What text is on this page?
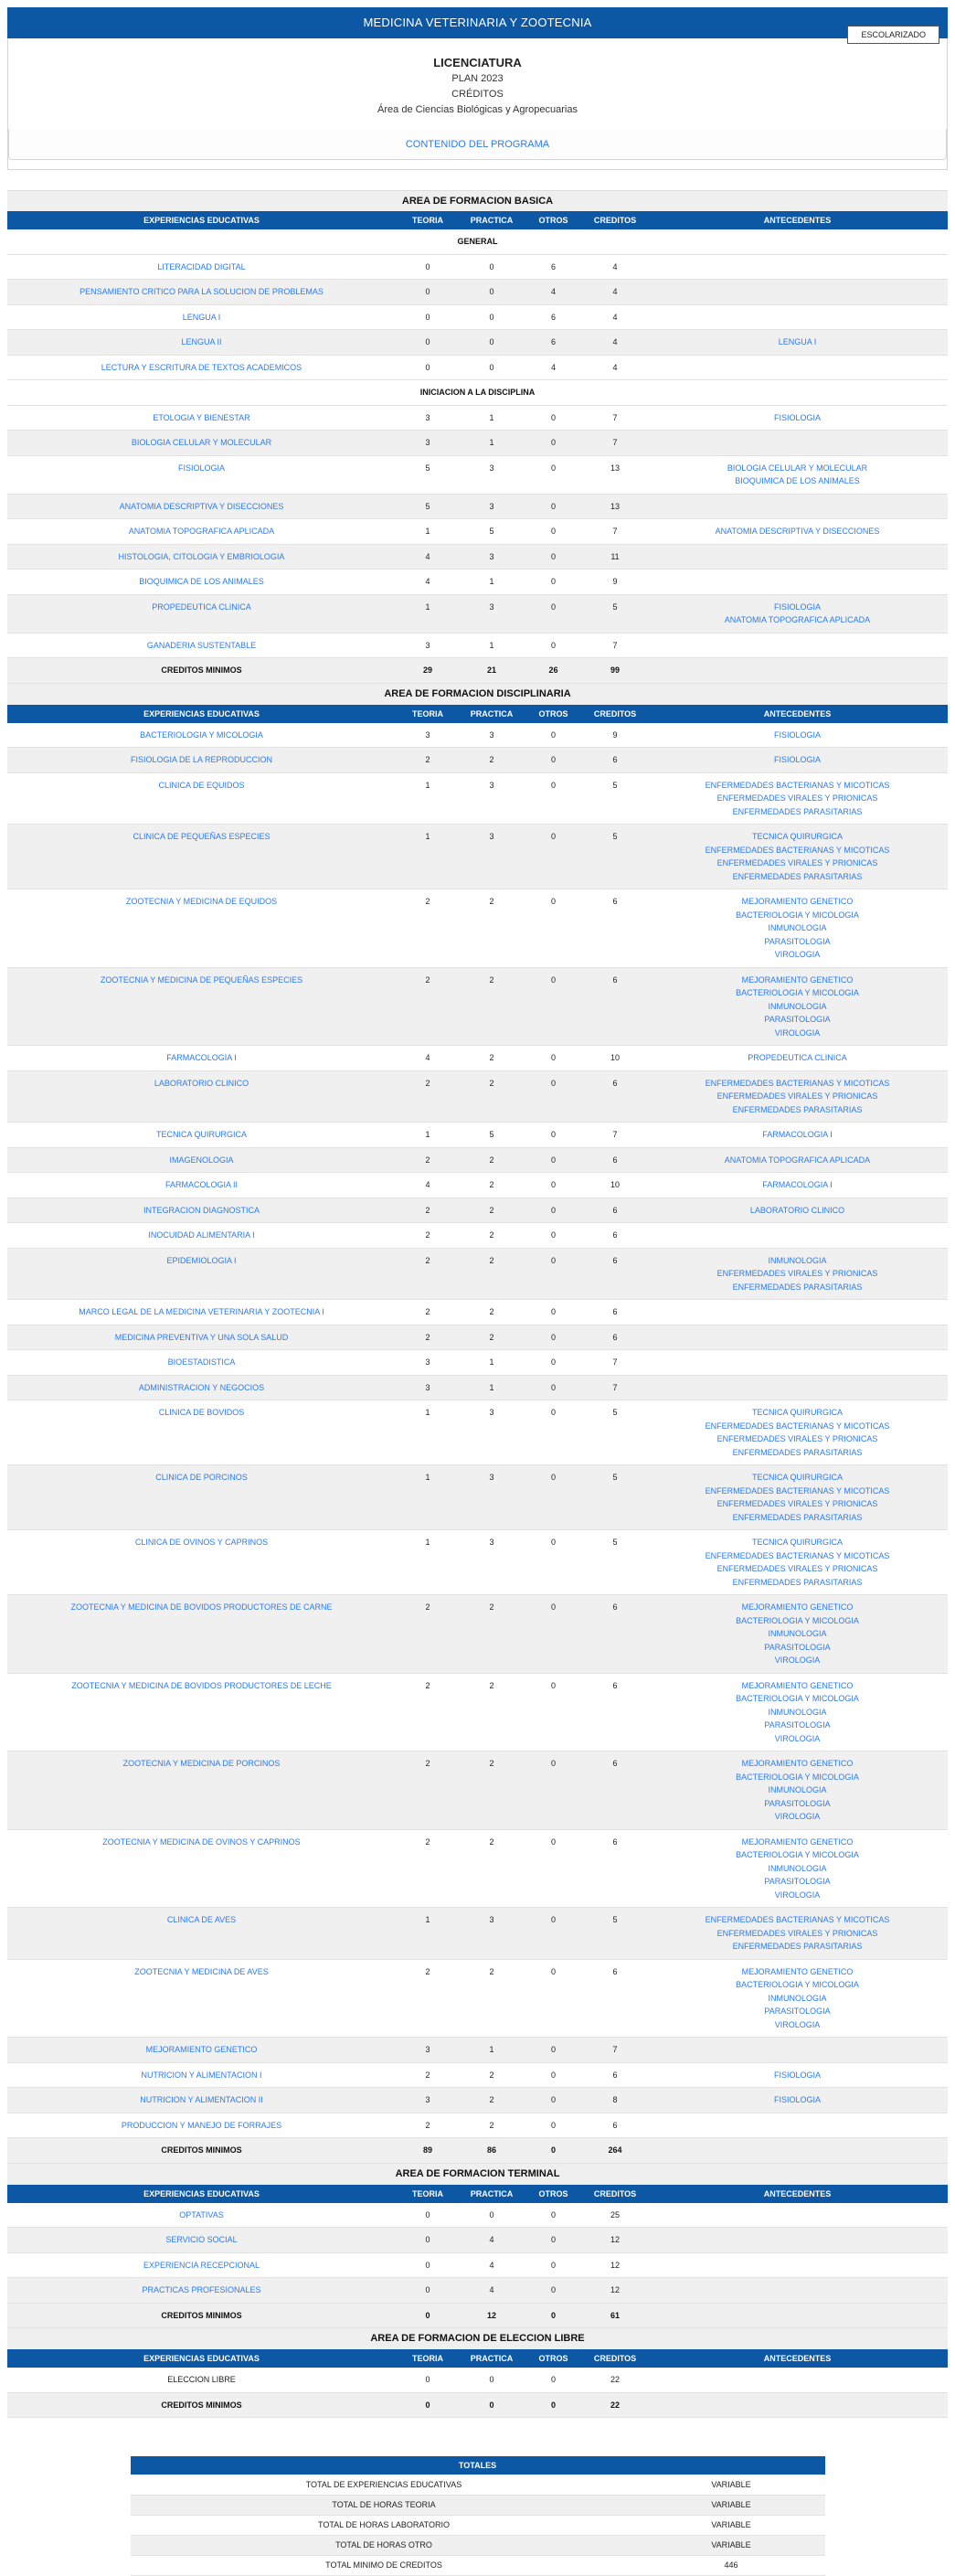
MEDICINA VETERINARIA Y ZOOTECNIA
ESCOLARIZADO
LICENCIATURA
PLAN 2023
CRÉDITOS
Área de Ciencias Biológicas y Agropecuarias
CONTENIDO DEL PROGRAMA
AREA DE FORMACION BASICA
EXPERIENCIAS EDUCATIVAS	TEORIA	PRACTICA	OTROS	CREDITOS	ANTECEDENTES
GENERAL					
LITERACIDAD DIGITAL	0	0	6	4	
PENSAMIENTO CRITICO PARA LA SOLUCION DE PROBLEMAS	0	0	4	4	
LENGUA I	0	0	6	4	
LENGUA II	0	0	6	4	LENGUA I

LECTURA Y ESCRITURA DE TEXTOS ACADEMICOS	0	0	4	4	
INICIACION A LA DISCIPLINA					
ETOLOGIA Y BIENESTAR	3	1	0	7	FISIOLOGIA

BIOLOGIA CELULAR Y MOLECULAR	3	1	0	7	
FISIOLOGIA	5	3	0	13	BIOLOGIA CELULAR Y MOLECULAR
BIOQUIMICA DE LOS ANIMALES

ANATOMIA DESCRIPTIVA Y DISECCIONES	5	3	0	13	
ANATOMIA TOPOGRAFICA APLICADA	1	5	0	7	ANATOMIA DESCRIPTIVA Y DISECCIONES

HISTOLOGIA, CITOLOGIA Y EMBRIOLOGIA	4	3	0	11	
BIOQUIMICA DE LOS ANIMALES	4	1	0	9	
PROPEDEUTICA CLINICA	1	3	0	5	FISIOLOGIA
ANATOMIA TOPOGRAFICA APLICADA

GANADERIA SUSTENTABLE	3	1	0	7	
CREDITOS MINIMOS	29	21	26	99	
AREA DE FORMACION DISCIPLINARIA
EXPERIENCIAS EDUCATIVAS	TEORIA	PRACTICA	OTROS	CREDITOS	ANTECEDENTES
BACTERIOLOGIA Y MICOLOGIA	3	3	0	9	FISIOLOGIA

FISIOLOGIA DE LA REPRODUCCION	2	2	0	6	FISIOLOGIA

CLINICA DE EQUIDOS	1	3	0	5	ENFERMEDADES BACTERIANAS Y MICOTICAS
ENFERMEDADES VIRALES Y PRIONICAS
ENFERMEDADES PARASITARIAS

CLINICA DE PEQUEÑAS ESPECIES	1	3	0	5	TECNICA QUIRURGICA
ENFERMEDADES BACTERIANAS Y MICOTICAS
ENFERMEDADES VIRALES Y PRIONICAS
ENFERMEDADES PARASITARIAS

ZOOTECNIA Y MEDICINA DE EQUIDOS	2	2	0	6	MEJORAMIENTO GENETICO
BACTERIOLOGIA Y MICOLOGIA
INMUNOLOGIA
PARASITOLOGIA
VIROLOGIA

ZOOTECNIA Y MEDICINA DE PEQUEÑAS ESPECIES	2	2	0	6	MEJORAMIENTO GENETICO
BACTERIOLOGIA Y MICOLOGIA
INMUNOLOGIA
PARASITOLOGIA
VIROLOGIA

FARMACOLOGIA I	4	2	0	10	PROPEDEUTICA CLINICA

LABORATORIO CLINICO	2	2	0	6	ENFERMEDADES BACTERIANAS Y MICOTICAS
ENFERMEDADES VIRALES Y PRIONICAS
ENFERMEDADES PARASITARIAS

TECNICA QUIRURGICA	1	5	0	7	FARMACOLOGIA I

IMAGENOLOGIA	2	2	0	6	ANATOMIA TOPOGRAFICA APLICADA

FARMACOLOGIA II	4	2	0	10	FARMACOLOGIA I

INTEGRACION DIAGNOSTICA	2	2	0	6	LABORATORIO CLINICO

INOCUIDAD ALIMENTARIA I	2	2	0	6	
EPIDEMIOLOGIA I	2	2	0	6	INMUNOLOGIA
ENFERMEDADES VIRALES Y PRIONICAS
ENFERMEDADES PARASITARIAS

MARCO LEGAL DE LA MEDICINA VETERINARIA Y ZOOTECNIA I	2	2	0	6	
MEDICINA PREVENTIVA Y UNA SOLA SALUD	2	2	0	6	
BIOESTADISTICA	3	1	0	7	
ADMINISTRACION Y NEGOCIOS	3	1	0	7	
CLINICA DE BOVIDOS	1	3	0	5	TECNICA QUIRURGICA
ENFERMEDADES BACTERIANAS Y MICOTICAS
ENFERMEDADES VIRALES Y PRIONICAS
ENFERMEDADES PARASITARIAS

CLINICA DE PORCINOS	1	3	0	5	TECNICA QUIRURGICA
ENFERMEDADES BACTERIANAS Y MICOTICAS
ENFERMEDADES VIRALES Y PRIONICAS
ENFERMEDADES PARASITARIAS

CLINICA DE OVINOS Y CAPRINOS	1	3	0	5	TECNICA QUIRURGICA
ENFERMEDADES BACTERIANAS Y MICOTICAS
ENFERMEDADES VIRALES Y PRIONICAS
ENFERMEDADES PARASITARIAS

ZOOTECNIA Y MEDICINA DE BOVIDOS PRODUCTORES DE CARNE	2	2	0	6	MEJORAMIENTO GENETICO
BACTERIOLOGIA Y MICOLOGIA
INMUNOLOGIA
PARASITOLOGIA
VIROLOGIA

ZOOTECNIA Y MEDICINA DE BOVIDOS PRODUCTORES DE LECHE	2	2	0	6	MEJORAMIENTO GENETICO
BACTERIOLOGIA Y MICOLOGIA
INMUNOLOGIA
PARASITOLOGIA
VIROLOGIA

ZOOTECNIA Y MEDICINA DE PORCINOS	2	2	0	6	MEJORAMIENTO GENETICO
BACTERIOLOGIA Y MICOLOGIA
INMUNOLOGIA
PARASITOLOGIA
VIROLOGIA

ZOOTECNIA Y MEDICINA DE OVINOS Y CAPRINOS	2	2	0	6	MEJORAMIENTO GENETICO
BACTERIOLOGIA Y MICOLOGIA
INMUNOLOGIA
PARASITOLOGIA
VIROLOGIA

CLINICA DE AVES	1	3	0	5	ENFERMEDADES BACTERIANAS Y MICOTICAS
ENFERMEDADES VIRALES Y PRIONICAS
ENFERMEDADES PARASITARIAS

ZOOTECNIA Y MEDICINA DE AVES	2	2	0	6	MEJORAMIENTO GENETICO
BACTERIOLOGIA Y MICOLOGIA
INMUNOLOGIA
PARASITOLOGIA
VIROLOGIA

MEJORAMIENTO GENETICO	3	1	0	7	
NUTRICION Y ALIMENTACION I	2	2	0	6	FISIOLOGIA

NUTRICION Y ALIMENTACION II	3	2	0	8	FISIOLOGIA

PRODUCCION Y MANEJO DE FORRAJES	2	2	0	6	
CREDITOS MINIMOS	89	86	0	264	
AREA DE FORMACION TERMINAL
EXPERIENCIAS EDUCATIVAS	TEORIA	PRACTICA	OTROS	CREDITOS	ANTECEDENTES
OPTATIVAS	0	0	0	25	
SERVICIO SOCIAL	0	4	0	12	
EXPERIENCIA RECEPCIONAL	0	4	0	12	
PRACTICAS PROFESIONALES	0	4	0	12	
CREDITOS MINIMOS	0	12	0	61	
AREA DE FORMACION DE ELECCION LIBRE
EXPERIENCIAS EDUCATIVAS	TEORIA	PRACTICA	OTROS	CREDITOS	ANTECEDENTES
ELECCION LIBRE	0	0	0	22	
CREDITOS MINIMOS	0	0	0	22	
TOTALES	
TOTAL DE EXPERIENCIAS EDUCATIVAS	VARIABLE
TOTAL DE HORAS TEORIA	VARIABLE
TOTAL DE HORAS LABORATORIO	VARIABLE
TOTAL DE HORAS OTRO	VARIABLE
TOTAL MINIMO DE CREDITOS	446
